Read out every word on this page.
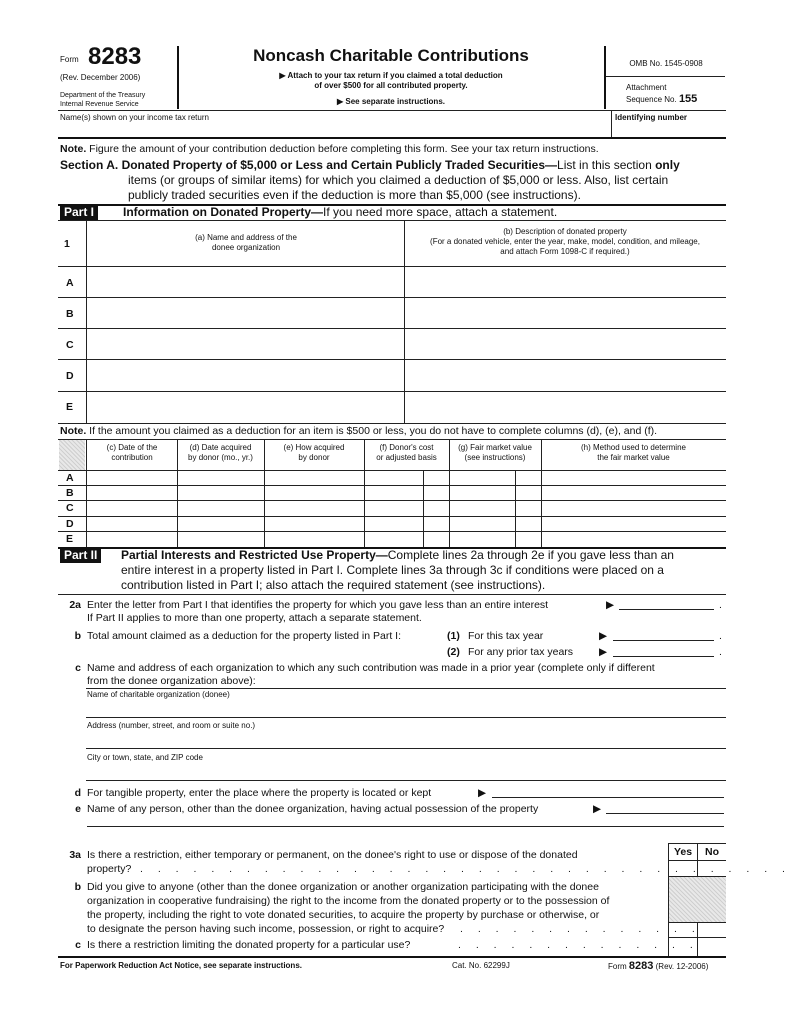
Form 8283
(Rev. December 2006)
Department of the Treasury
Internal Revenue Service
Noncash Charitable Contributions
▶ Attach to your tax return if you claimed a total deduction
of over $500 for all contributed property.
▶ See separate instructions.
OMB No. 1545-0908
Attachment
Sequence No. 155
Name(s) shown on your income tax return	Identifying number
Note. Figure the amount of your contribution deduction before completing this form. See your tax return instructions.
Section A. Donated Property of $5,000 or Less and Certain Publicly Traded Securities—List in this section only
items (or groups of similar items) for which you claimed a deduction of $5,000 or less. Also, list certain
publicly traded securities even if the deduction is more than $5,000 (see instructions).
Part I	Information on Donated Property—If you need more space, attach a statement.
1
(a) Name and address of the
donee organization
(b) Description of donated property
(For a donated vehicle, enter the year, make, model, condition, and mileage,
and attach Form 1098-C if required.)
A
B
C
D
E
Note. If the amount you claimed as a deduction for an item is $500 or less, you do not have to complete columns (d), (e), and (f).
(c) Date of the
contribution
(d) Date acquired
by donor (mo., yr.)
(e) How acquired
by donor
(f) Donor's cost
or adjusted basis
(g) Fair market value
(see instructions)
(h) Method used to determine
the fair market value
A
B
C
D
E
Part II	Partial Interests and Restricted Use Property—Complete lines 2a through 2e if you gave less than an
entire interest in a property listed in Part I. Complete lines 3a through 3c if conditions were placed on a
contribution listed in Part I; also attach the required statement (see instructions).
2a Enter the letter from Part I that identifies the property for which you gave less than an entire interest	▶	.
If Part II applies to more than one property, attach a separate statement.
b Total amount claimed as a deduction for the property listed in Part I:	(1) For this tax year	▶	.
(2) For any prior tax years ▶	.
c Name and address of each organization to which any such contribution was made in a prior year (complete only if different
from the donee organization above):
Name of charitable organization (donee)
Address (number, street, and room or suite no.)
City or town, state, and ZIP code
d For tangible property, enter the place where the property is located or kept	▶
e Name of any person, other than the donee organization, having actual possession of the property	▶
Yes	No
3a Is there a restriction, either temporary or permanent, on the donee's right to use or dispose of the donated
property? . . . . . . . . . . . . . . . . . . . . . . . . . . . . . . . . . . . . .
b Did you give to anyone (other than the donee organization or another organization participating with the donee
organization in cooperative fundraising) the right to the income from the donated property or to the possession of
the property, including the right to vote donated securities, to acquire the property by purchase or otherwise, or
to designate the person having such income, possession, or right to acquire? . . . . . . . . . . . . . .
c Is there a restriction limiting the donated property for a particular use?	. . . . . . . . . . . . . .
For Paperwork Reduction Act Notice, see separate instructions.	Cat. No. 62299J	Form 8283 (Rev. 12-2006)
